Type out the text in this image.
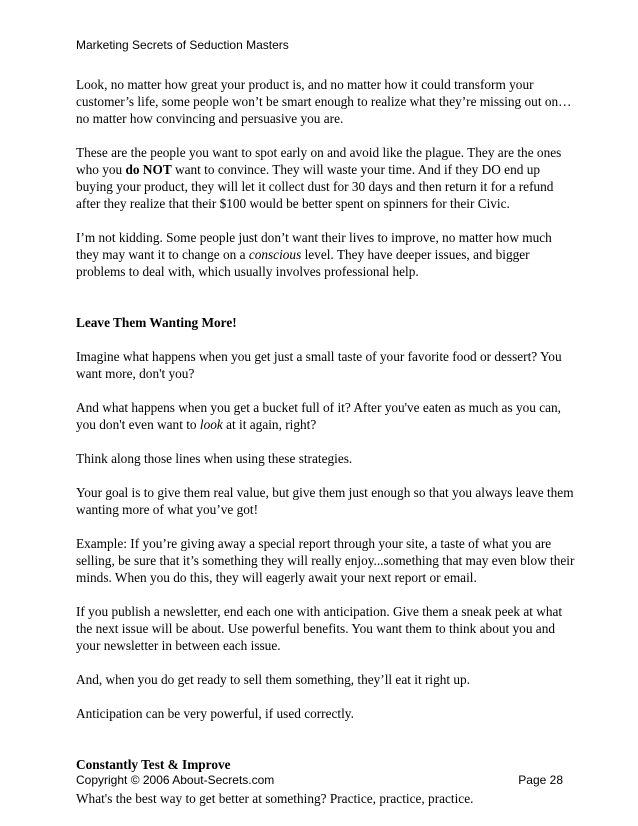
Marketing Secrets of Seduction Masters

Look, no matter how great your product is, and no matter how it could transform your customer’s life, some people won’t be smart enough to realize what they’re missing out on… no matter how convincing and persuasive you are.

These are the people you want to spot early on and avoid like the plague. They are the ones who you do NOT want to convince. They will waste your time. And if they DO end up buying your product, they will let it collect dust for 30 days and then return it for a refund after they realize that their $100 would be better spent on spinners for their Civic.

I’m not kidding. Some people just don’t want their lives to improve, no matter how much they may want it to change on a conscious level. They have deeper issues, and bigger problems to deal with, which usually involves professional help.

Leave Them Wanting More!

Imagine what happens when you get just a small taste of your favorite food or dessert? You want more, don't you?

And what happens when you get a bucket full of it? After you've eaten as much as you can, you don't even want to look at it again, right?

Think along those lines when using these strategies.

Your goal is to give them real value, but give them just enough so that you always leave them wanting more of what you’ve got!

Example: If you’re giving away a special report through your site, a taste of what you are selling, be sure that it’s something they will really enjoy...something that may even blow their minds. When you do this, they will eagerly await your next report or email.

If you publish a newsletter, end each one with anticipation. Give them a sneak peek at what the next issue will be about. Use powerful benefits. You want them to think about you and your newsletter in between each issue.

And, when you do get ready to sell them something, they’ll eat it right up.

Anticipation can be very powerful, if used correctly.

Constantly Test & Improve

What's the best way to get better at something? Practice, practice, practice.

Copyright © 2006 About-Secrets.com	Page 28
